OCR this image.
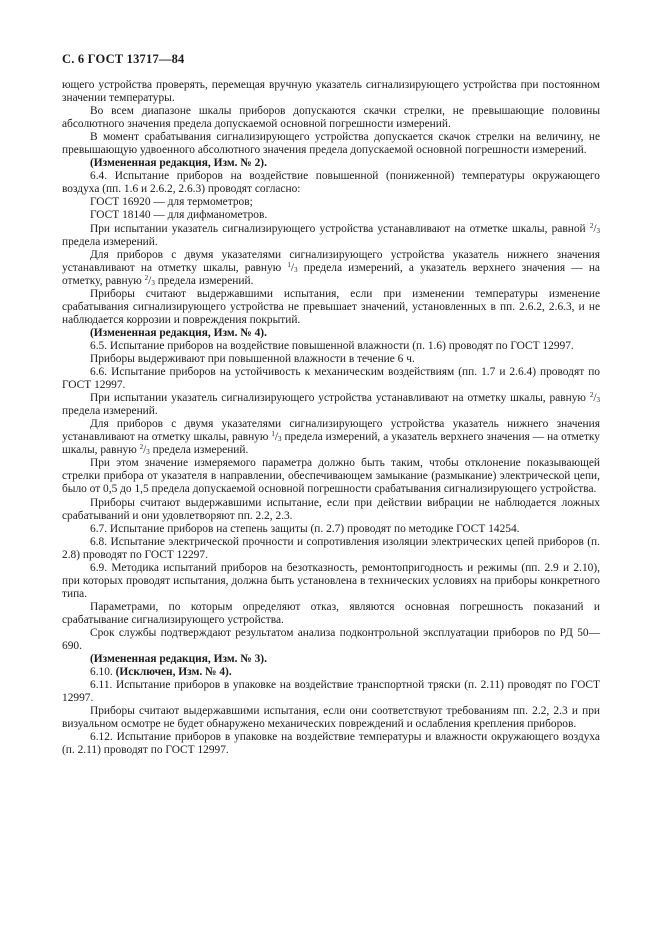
С. 6 ГОСТ 13717—84

ющего устройства проверять, перемещая вручную указатель сигнализирующего устройства при постоянном значении температуры.

Во всем диапазоне шкалы приборов допускаются скачки стрелки, не превышающие половины абсолютного значения предела допускаемой основной погрешности измерений.

В момент срабатывания сигнализирующего устройства допускается скачок стрелки на величину, не превышающую удвоенного абсолютного значения предела допускаемой основной погрешности измерений.

(Измененная редакция, Изм. № 2).

6.4. Испытание приборов на воздействие повышенной (пониженной) температуры окружающего воздуха (пп. 1.6 и 2.6.2, 2.6.3) проводят согласно:

ГОСТ 16920 — для термометров;

ГОСТ 18140 — для дифманометров.

При испытании указатель сигнализирующего устройства устанавливают на отметке шкалы, равной $^2/_3$ предела измерений.

Для приборов с двумя указателями сигнализирующего устройства указатель нижнего значения устанавливают на отметку шкалы, равную $^1/_3$ предела измерений, а указатель верхнего значения — на отметку, равную $^2/_3$ предела измерений.

Приборы считают выдержавшими испытания, если при изменении температуры изменение срабатывания сигнализирующего устройства не превышает значений, установленных в пп. 2.6.2, 2.6.3, и не наблюдается коррозии и повреждения покрытий.

(Измененная редакция, Изм. № 4).

6.5. Испытание приборов на воздействие повышенной влажности (п. 1.6) проводят по ГОСТ 12997.

Приборы выдерживают при повышенной влажности в течение 6 ч.

6.6. Испытание приборов на устойчивость к механическим воздействиям (пп. 1.7 и 2.6.4) проводят по ГОСТ 12997.

При испытании указатель сигнализирующего устройства устанавливают на отметку шкалы, равную $^2/_3$ предела измерений.

Для приборов с двумя указателями сигнализирующего устройства указатель нижнего значения устанавливают на отметку шкалы, равную $^1/_3$ предела измерений, а указатель верхнего значения — на отметку шкалы, равную $^2/_3$ предела измерений.

При этом значение измеряемого параметра должно быть таким, чтобы отклонение показывающей стрелки прибора от указателя в направлении, обеспечивающем замыкание (размыкание) электрической цепи, было от 0,5 до 1,5 предела допускаемой основной погрешности срабатывания сигнализирующего устройства.

Приборы считают выдержавшими испытание, если при действии вибрации не наблюдается ложных срабатываний и они удовлетворяют пп. 2.2, 2.3.

6.7. Испытание приборов на степень защиты (п. 2.7) проводят по методике ГОСТ 14254.

6.8. Испытание электрической прочности и сопротивления изоляции электрических цепей приборов (п. 2.8) проводят по ГОСТ 12297.

6.9. Методика испытаний приборов на безотказность, ремонтопригодность и режимы (пп. 2.9 и 2.10), при которых проводят испытания, должна быть установлена в технических условиях на приборы конкретного типа.

Параметрами, по которым определяют отказ, являются основная погрешность показаний и срабатывание сигнализирующего устройства.

Срок службы подтверждают результатом анализа подконтрольной эксплуатации приборов по РД 50—690.

(Измененная редакция, Изм. № 3).

6.10. (Исключен, Изм. № 4).

6.11. Испытание приборов в упаковке на воздействие транспортной тряски (п. 2.11) проводят по ГОСТ 12997.

Приборы считают выдержавшими испытания, если они соответствуют требованиям пп. 2.2, 2.3 и при визуальном осмотре не будет обнаружено механических повреждений и ослабления крепления приборов.

6.12. Испытание приборов в упаковке на воздействие температуры и влажности окружающего воздуха (п. 2.11) проводят по ГОСТ 12997.
